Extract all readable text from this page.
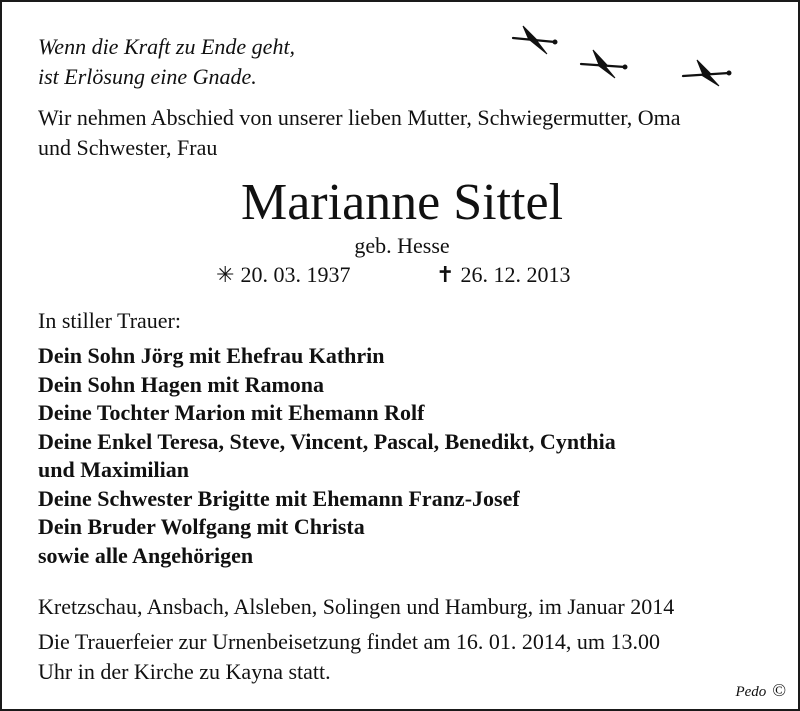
Wenn die Kraft zu Ende geht,
ist Erlösung eine Gnade.
Wir nehmen Abschied von unserer lieben Mutter, Schwiegermutter, Oma
und Schwester, Frau
Marianne Sittel
geb. Hesse
✳ 20. 03. 1937	✝ 26. 12. 2013
In stiller Trauer:
Dein Sohn Jörg mit Ehefrau Kathrin
Dein Sohn Hagen mit Ramona
Deine Tochter Marion mit Ehemann Rolf
Deine Enkel Teresa, Steve, Vincent, Pascal, Benedikt, Cynthia
und Maximilian
Deine Schwester Brigitte mit Ehemann Franz-Josef
Dein Bruder Wolfgang mit Christa
sowie alle Angehörigen
Kretzschau, Ansbach, Alsleben, Solingen und Hamburg, im Januar 2014
Die Trauerfeier zur Urnenbeisetzung findet am 16. 01. 2014, um 13.00
Uhr in der Kirche zu Kayna statt.
Pedo ©
